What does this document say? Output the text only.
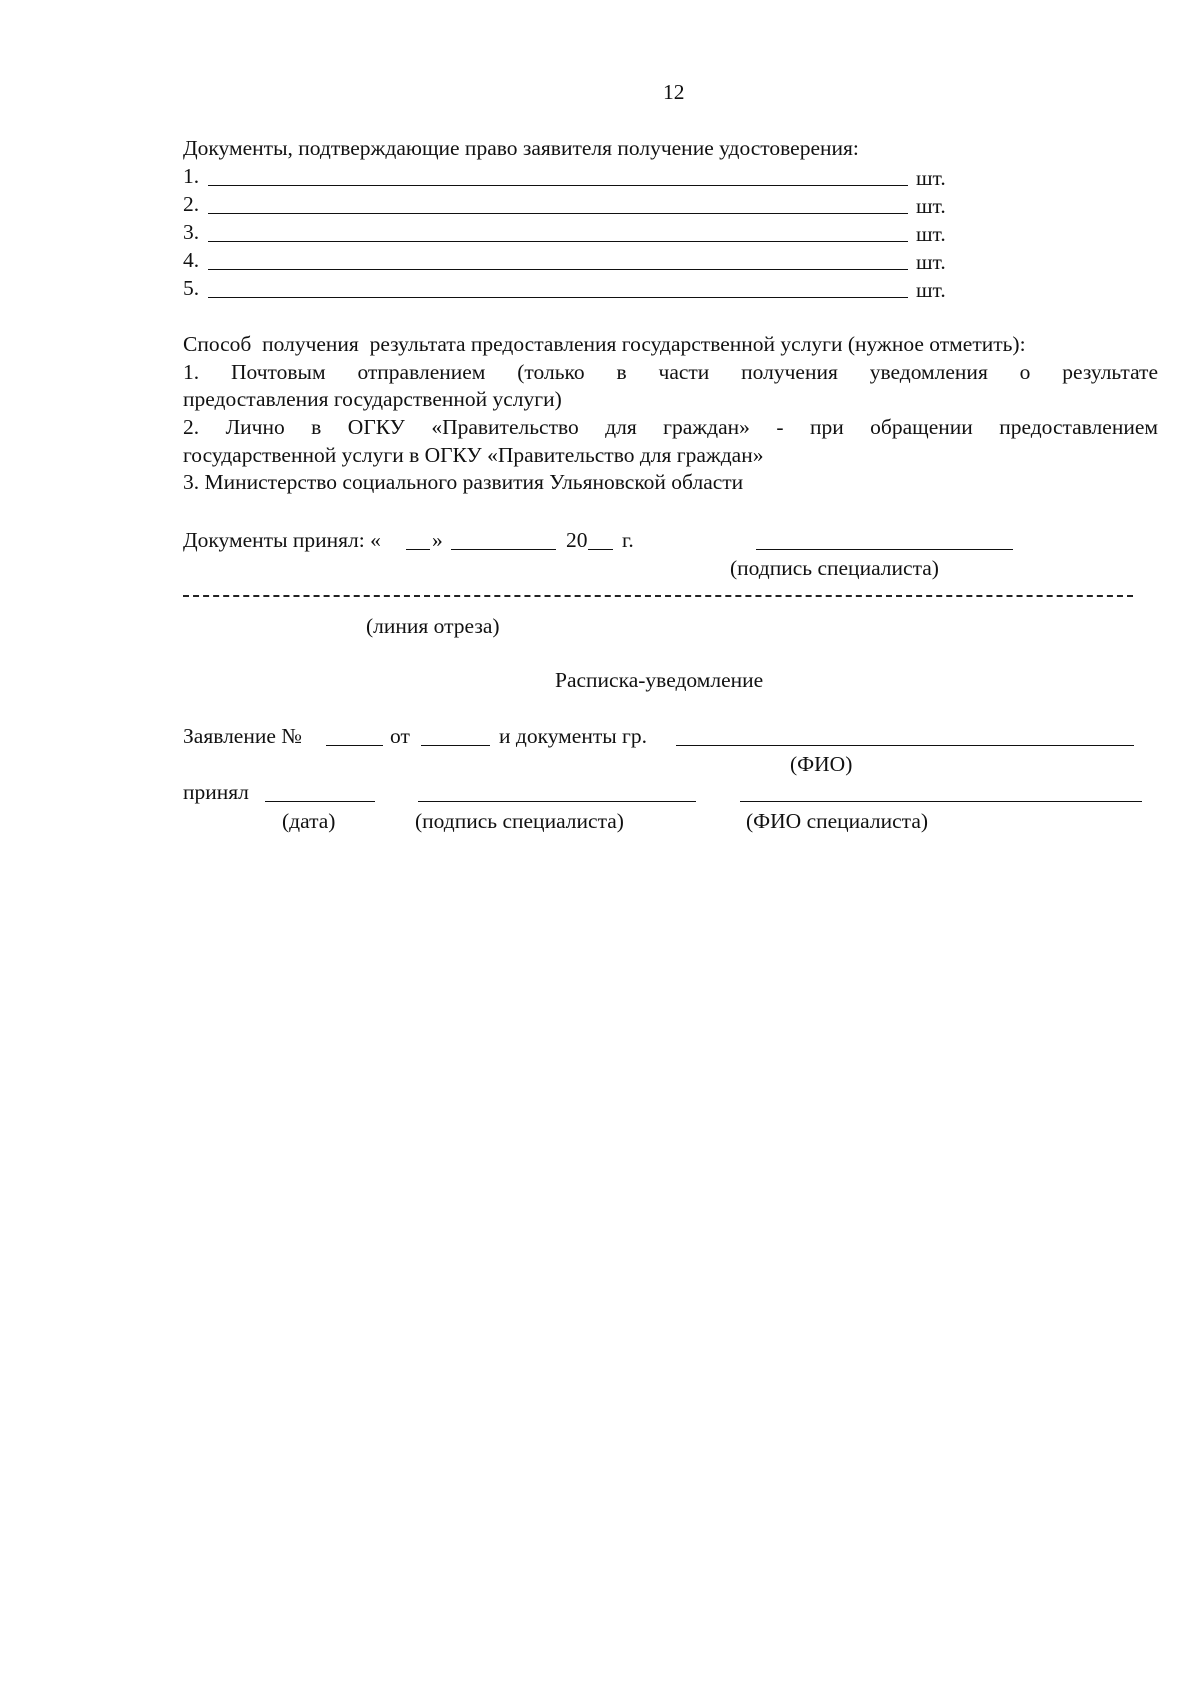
12
Документы, подтверждающие право заявителя получение удостоверения:
1.	шт.
2.	шт.
3.	шт.
4.	шт.
5.	шт.
Способ  получения  результата предоставления государственной услуги (нужное отметить):
1. Почтовым отправлением (только в части получения уведомления о результате
предоставления государственной услуги)
2. Лично в ОГКУ «Правительство для граждан» - при обращении предоставлением
государственной услуги в ОГКУ «Правительство для граждан»
3. Министерство социального развития Ульяновской области
Документы принял: « »	20 г.
(подпись специалиста)
(линия отреза)
Расписка-уведомление
Заявление №	от	и документы гр.
(ФИО)
принял
(дата)	(подпись специалиста)	(ФИО специалиста)
